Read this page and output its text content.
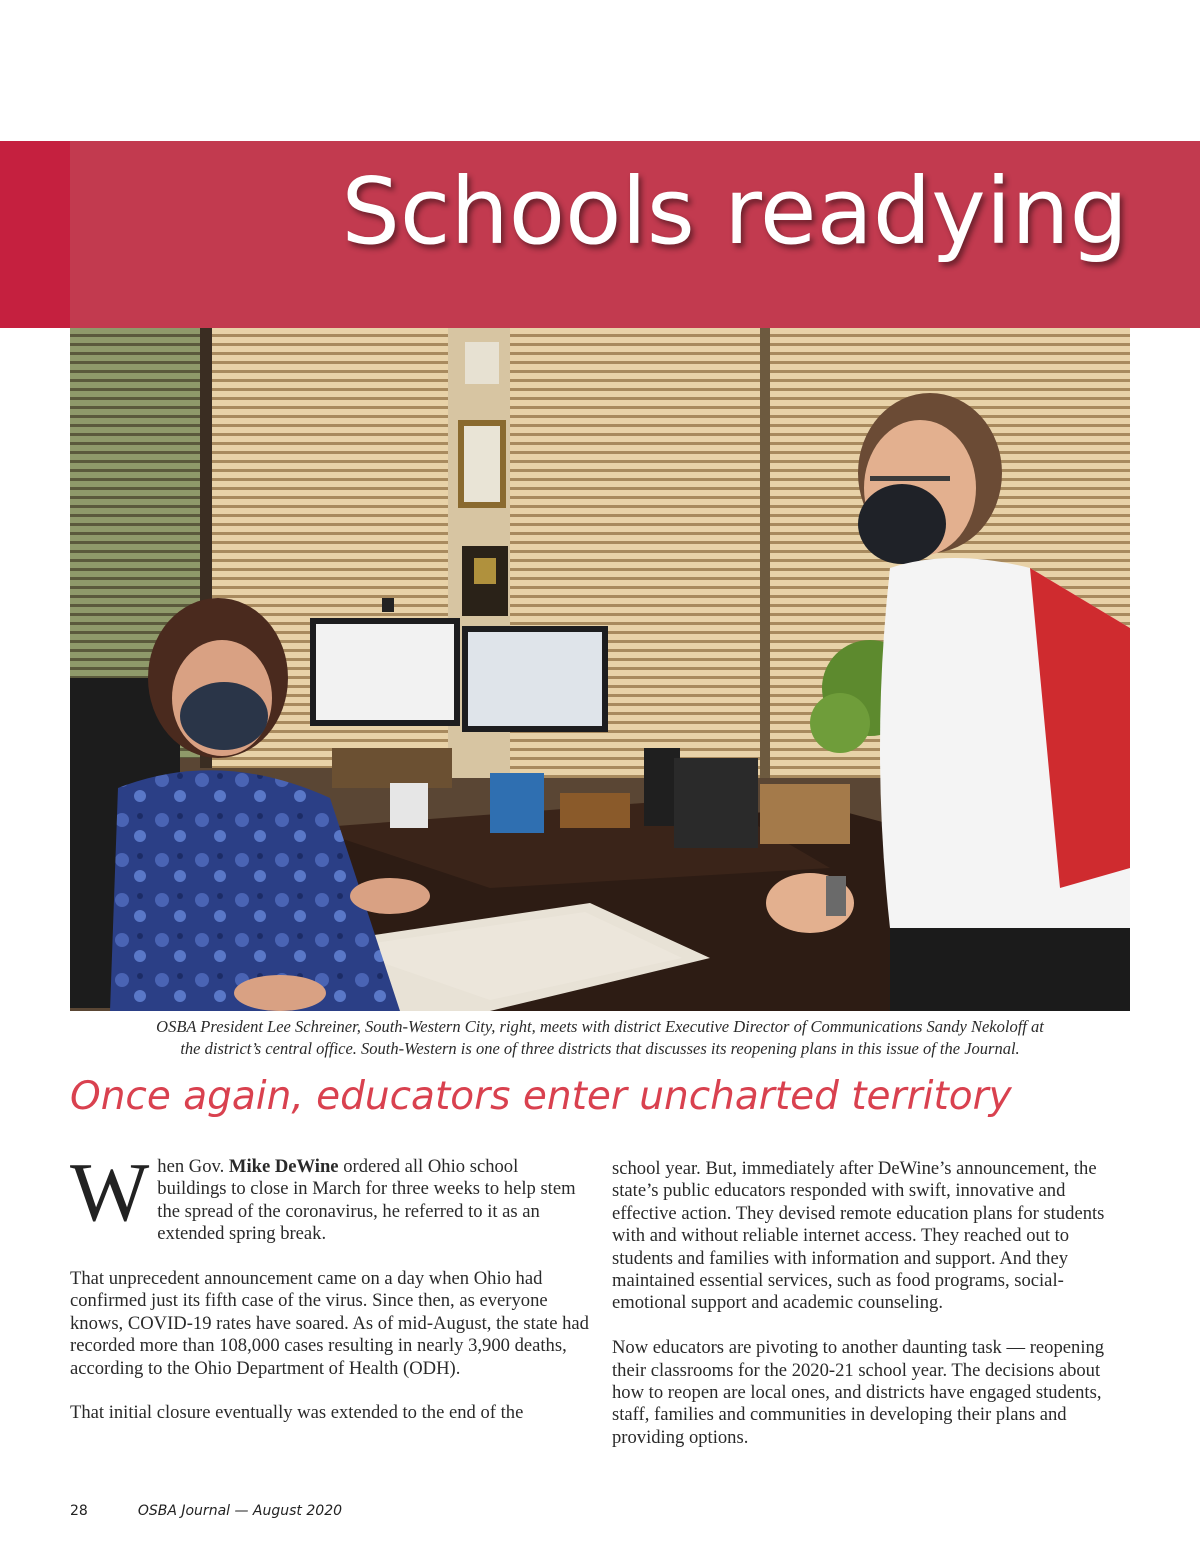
Schools readying

OSBA President Lee Schreiner, South-Western City, right, meets with district Executive Director of Communications Sandy Nekoloff at
the district’s central office. South-Western is one of three districts that discusses its reopening plans in this issue of the Journal.

Once again, educators enter uncharted territory

When Gov. Mike DeWine ordered all Ohio school buildings to close in March for three weeks to help stem the spread of the coronavirus, he referred to it as an extended spring break.

That unprecedent announcement came on a day when Ohio had confirmed just its fifth case of the virus. Since then, as everyone knows, COVID-19 rates have soared. As of mid-August, the state had recorded more than 108,000 cases resulting in nearly 3,900 deaths, according to the Ohio Department of Health (ODH).

That initial closure eventually was extended to the end of the

school year. But, immediately after DeWine’s announcement, the state’s public educators responded with swift, innovative and effective action. They devised remote education plans for students with and without reliable internet access. They reached out to students and families with information and support. And they maintained essential services, such as food programs, social-emotional support and academic counseling.

Now educators are pivoting to another daunting task — reopening their classrooms for the 2020-21 school year. The decisions about how to reopen are local ones, and districts have engaged students, staff, families and communities in developing their plans and providing options.

28	OSBA Journal — August 2020
